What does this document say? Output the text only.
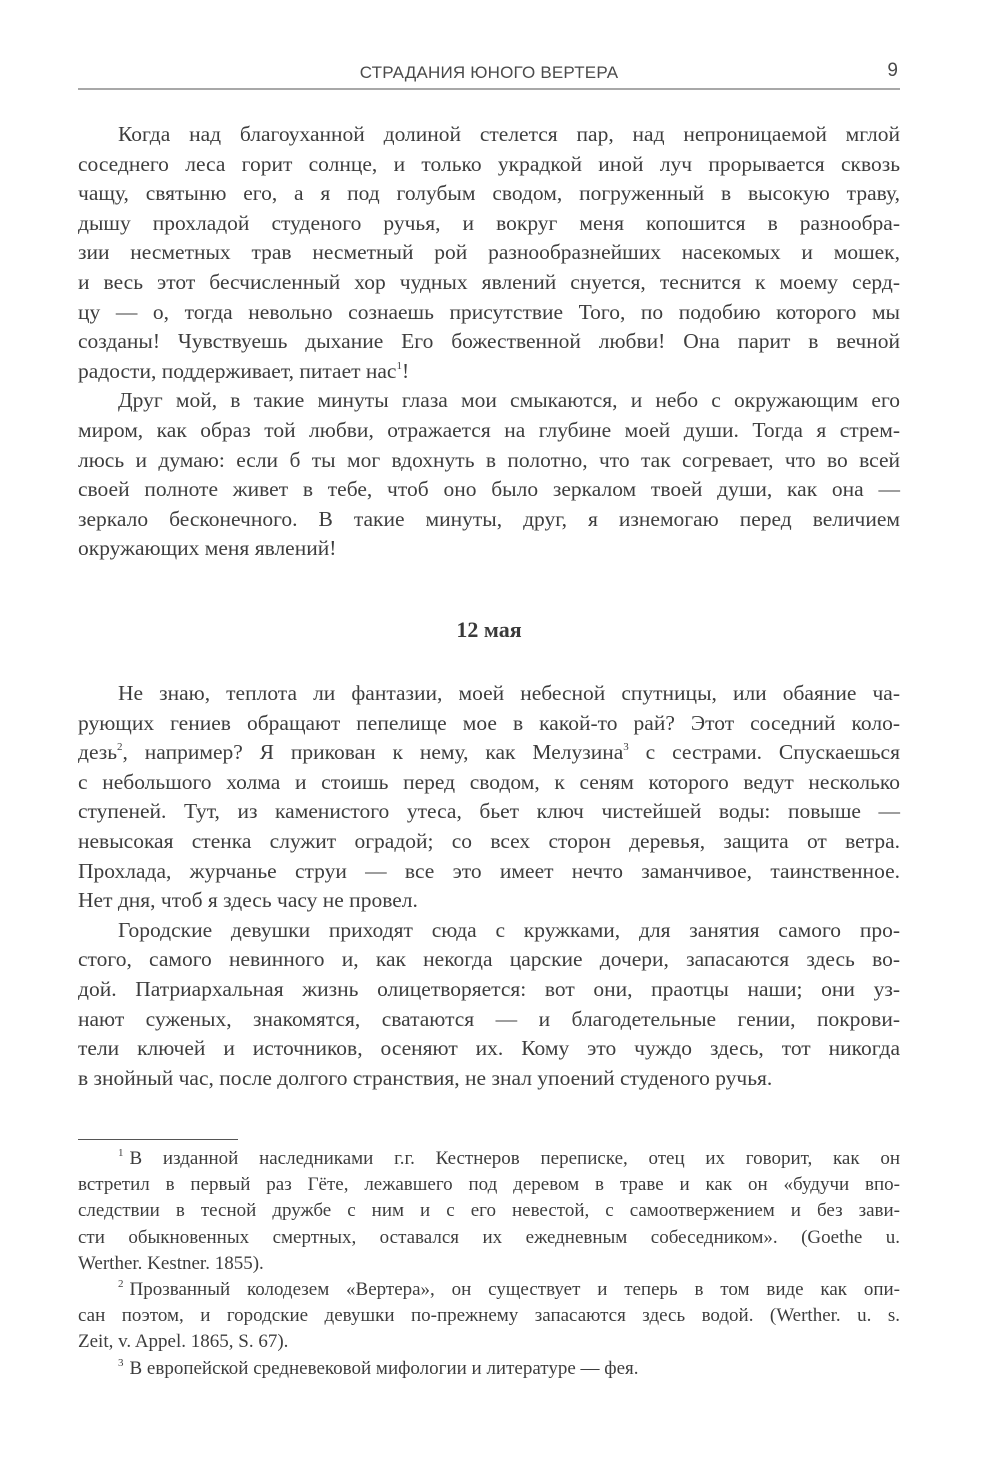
СТРАДАНИЯ ЮНОГО ВЕРТЕРА	9
Когда над благоуханной долиной стелется пар, над непроницаемой мглой
соседнего леса горит солнце, и только украдкой иной луч прорывается сквозь
чащу, святыню его, а я под голубым сводом, погруженный в высокую траву,
дышу прохладой студеного ручья, и вокруг меня копошится в разнообра-
зии несметных трав несметный рой разнообразнейших насекомых и мошек,
и весь этот бесчисленный хор чудных явлений снуется, теснится к моему серд-
цу — о, тогда невольно сознаешь присутствие Того, по подобию которого мы
созданы! Чувствуешь дыхание Его божественной любви! Она парит в вечной
радости, поддерживает, питает нас$^1$!
Друг мой, в такие минуты глаза мои смыкаются, и небо с окружающим его
миром, как образ той любви, отражается на глубине моей души. Тогда я стрем-
люсь и думаю: если б ты мог вдохнуть в полотно, что так согревает, что во всей
своей полноте живет в тебе, чтоб оно было зеркалом твоей души, как она —
зеркало бесконечного. В такие минуты, друг, я изнемогаю перед величием
окружающих меня явлений!
12 мая
Не знаю, теплота ли фантазии, моей небесной спутницы, или обаяние ча-
рующих гениев обращают пепелище мое в какой-то рай? Этот соседний коло-
дезь$^2$, например? Я прикован к нему, как Мелузина$^3$ с сестрами. Спускаешься
с небольшого холма и стоишь перед сводом, к сеням которого ведут несколько
ступеней. Тут, из каменистого утеса, бьет ключ чистейшей воды: повыше —
невысокая стенка служит оградой; со всех сторон деревья, защита от ветра.
Прохлада, журчанье струи — все это имеет нечто заманчивое, таинственное.
Нет дня, чтоб я здесь часу не провел.
Городские девушки приходят сюда с кружками, для занятия самого про-
стого, самого невинного и, как некогда царские дочери, запасаются здесь во-
дой. Патриархальная жизнь олицетворяется: вот они, праотцы наши; они уз-
нают суженых, знакомятся, сватаются — и благодетельные гении, покрови-
тели ключей и источников, осеняют их. Кому это чуждо здесь, тот никогда
в знойный час, после долгого странствия, не знал упоений студеного ручья.
$^1$ В изданной наследниками г.г. Кестнеров переписке, отец их говорит, как он
встретил в первый раз Гёте, лежавшего под деревом в траве и как он «будучи впо-
следствии в тесной дружбе с ним и с его невестой, с самоотвержением и без зави-
сти обыкновенных смертных, оставался их ежедневным собеседником». (Goethe u.
Werther. Kestner. 1855).
$^2$ Прозванный колодезем «Вертера», он существует и теперь в том виде как опи-
сан поэтом, и городские девушки по-прежнему запасаются здесь водой. (Werther. u. s.
Zeit, v. Appel. 1865, S. 67).
$^3$ В европейской средневековой мифологии и литературе — фея.
